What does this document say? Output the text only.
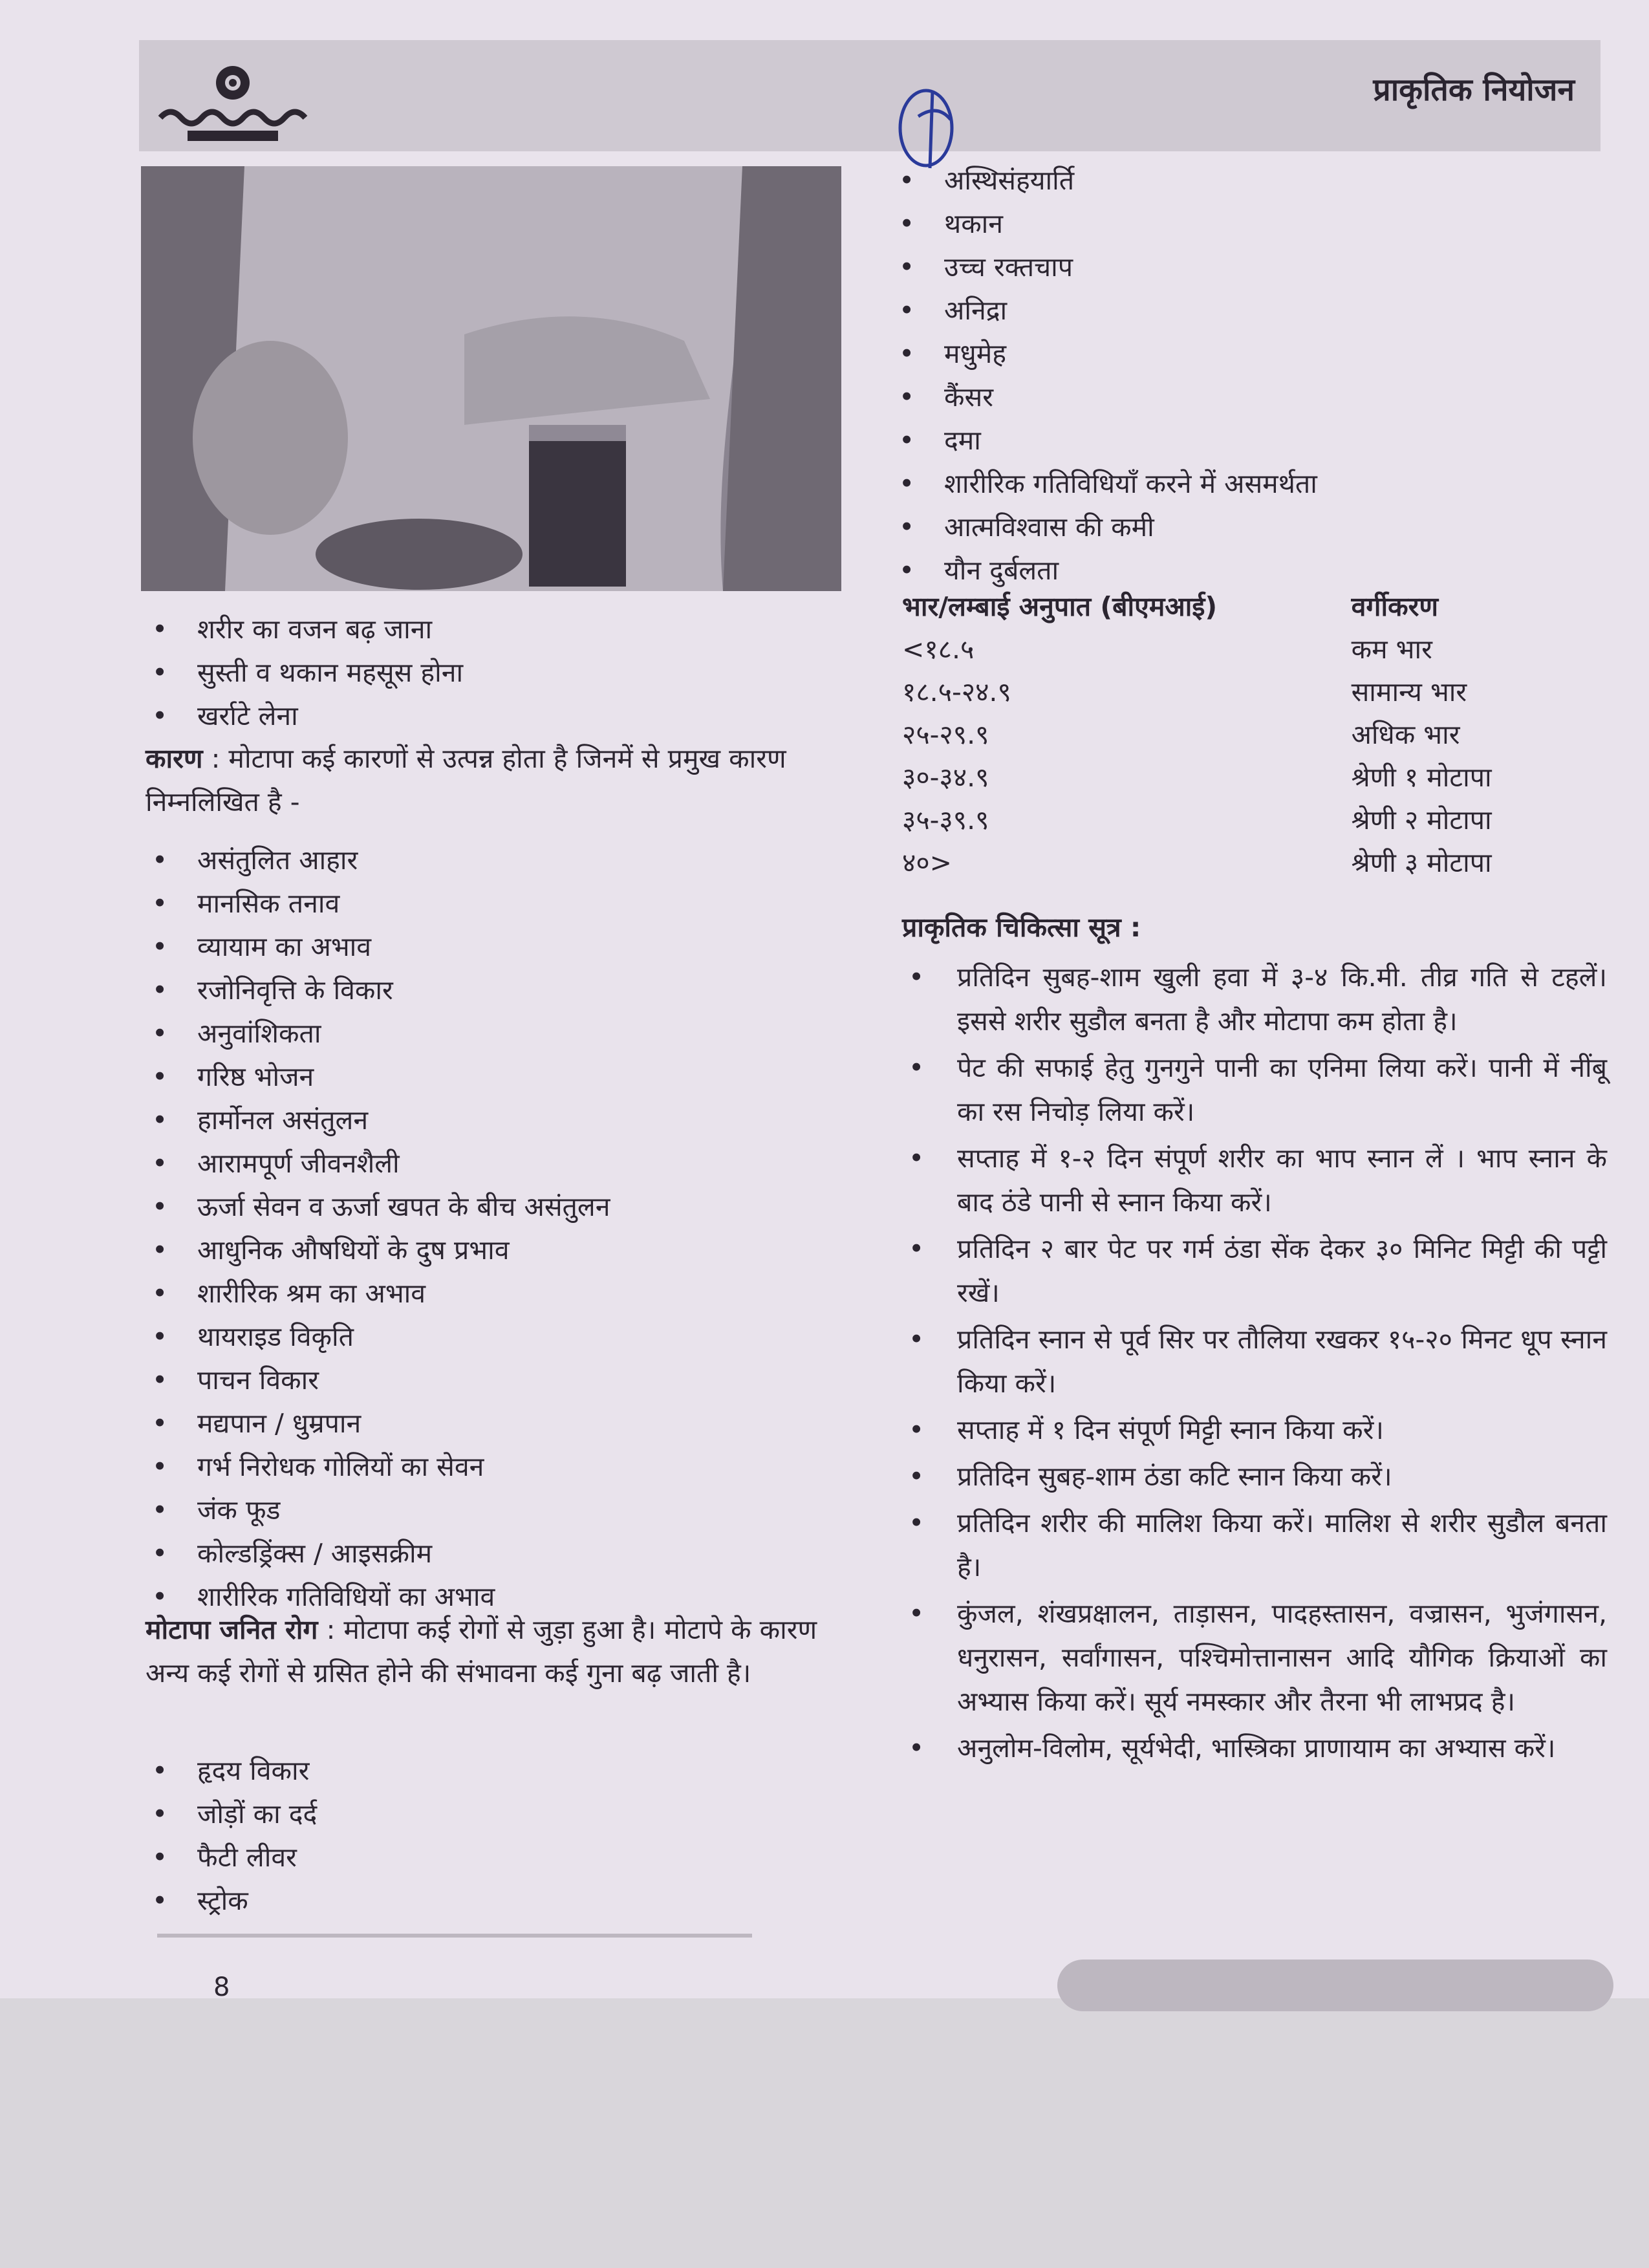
प्राकृतिक नियोजन
• शरीर का वजन बढ़ जाना
• सुस्ती व थकान महसूस होना
• खर्राटे लेना

कारण : मोटापा कई कारणों से उत्पन्न होता है जिनमें से प्रमुख कारण निम्नलिखित है -

• असंतुलित आहार
• मानसिक तनाव
• व्यायाम का अभाव
• रजोनिवृत्ति के विकार
• अनुवांशिकता
• गरिष्ठ भोजन
• हार्मोनल असंतुलन
• आरामपूर्ण जीवनशैली
• ऊर्जा सेवन व ऊर्जा खपत के बीच असंतुलन
• आधुनिक औषधियों के दुष प्रभाव
• शारीरिक श्रम का अभाव
• थायराइड विकृति
• पाचन विकार
• मद्यपान / धुम्रपान
• गर्भ निरोधक गोलियों का सेवन
• जंक फूड
• कोल्डड्रिंक्स / आइसक्रीम
• शारीरिक गतिविधियों का अभाव

मोटापा जनित रोग : मोटापा कई रोगों से जुड़ा हुआ है। मोटापे के कारण अन्य कई रोगों से ग्रसित होने की संभावना कई गुना बढ़ जाती है।

• हृदय विकार
• जोड़ों का दर्द
• फैटी लीवर
• स्ट्रोक
• अस्थिसंहयार्ति
• थकान
• उच्च रक्तचाप
• अनिद्रा
• मधुमेह
• कैंसर
• दमा
• शारीरिक गतिविधियाँ करने में असमर्थता
• आत्मविश्वास की कमी
• यौन दुर्बलता
भार/लम्बाई अनुपात (बीएमआई)	वर्गीकरण
<१८.५	कम भार
१८.५-२४.९	सामान्य भार
२५-२९.९	अधिक भार
३०-३४.९	श्रेणी १ मोटापा
३५-३९.९	श्रेणी २ मोटापा
४०>	श्रेणी ३ मोटापा
प्राकृतिक चिकित्सा सूत्र :
• प्रतिदिन सुबह-शाम खुली हवा में ३-४ कि.मी. तीव्र गति से टहलें। इससे शरीर सुडौल बनता है और मोटापा कम होता है।
• पेट की सफाई हेतु गुनगुने पानी का एनिमा लिया करें। पानी में नींबू का रस निचोड़ लिया करें।
• सप्ताह में १-२ दिन संपूर्ण शरीर का भाप स्नान लें । भाप स्नान के बाद ठंडे पानी से स्नान किया करें।
• प्रतिदिन २ बार पेट पर गर्म ठंडा सेंक देकर ३० मिनिट मिट्टी की पट्टी रखें।
• प्रतिदिन स्नान से पूर्व सिर पर तौलिया रखकर १५-२० मिनट धूप स्नान किया करें।
• सप्ताह में १ दिन संपूर्ण मिट्टी स्नान किया करें।
• प्रतिदिन सुबह-शाम ठंडा कटि स्नान किया करें।
• प्रतिदिन शरीर की मालिश किया करें। मालिश से शरीर सुडौल बनता है।
• कुंजल, शंखप्रक्षालन, ताड़ासन, पादहस्तासन, वज्रासन, भुजंगासन, धनुरासन, सर्वांगासन, पश्चिमोत्तानासन आदि यौगिक क्रियाओं का अभ्यास किया करें। सूर्य नमस्कार और तैरना भी लाभप्रद है।
• अनुलोम-विलोम, सूर्यभेदी, भास्त्रिका प्राणायाम का अभ्यास करें।
8
